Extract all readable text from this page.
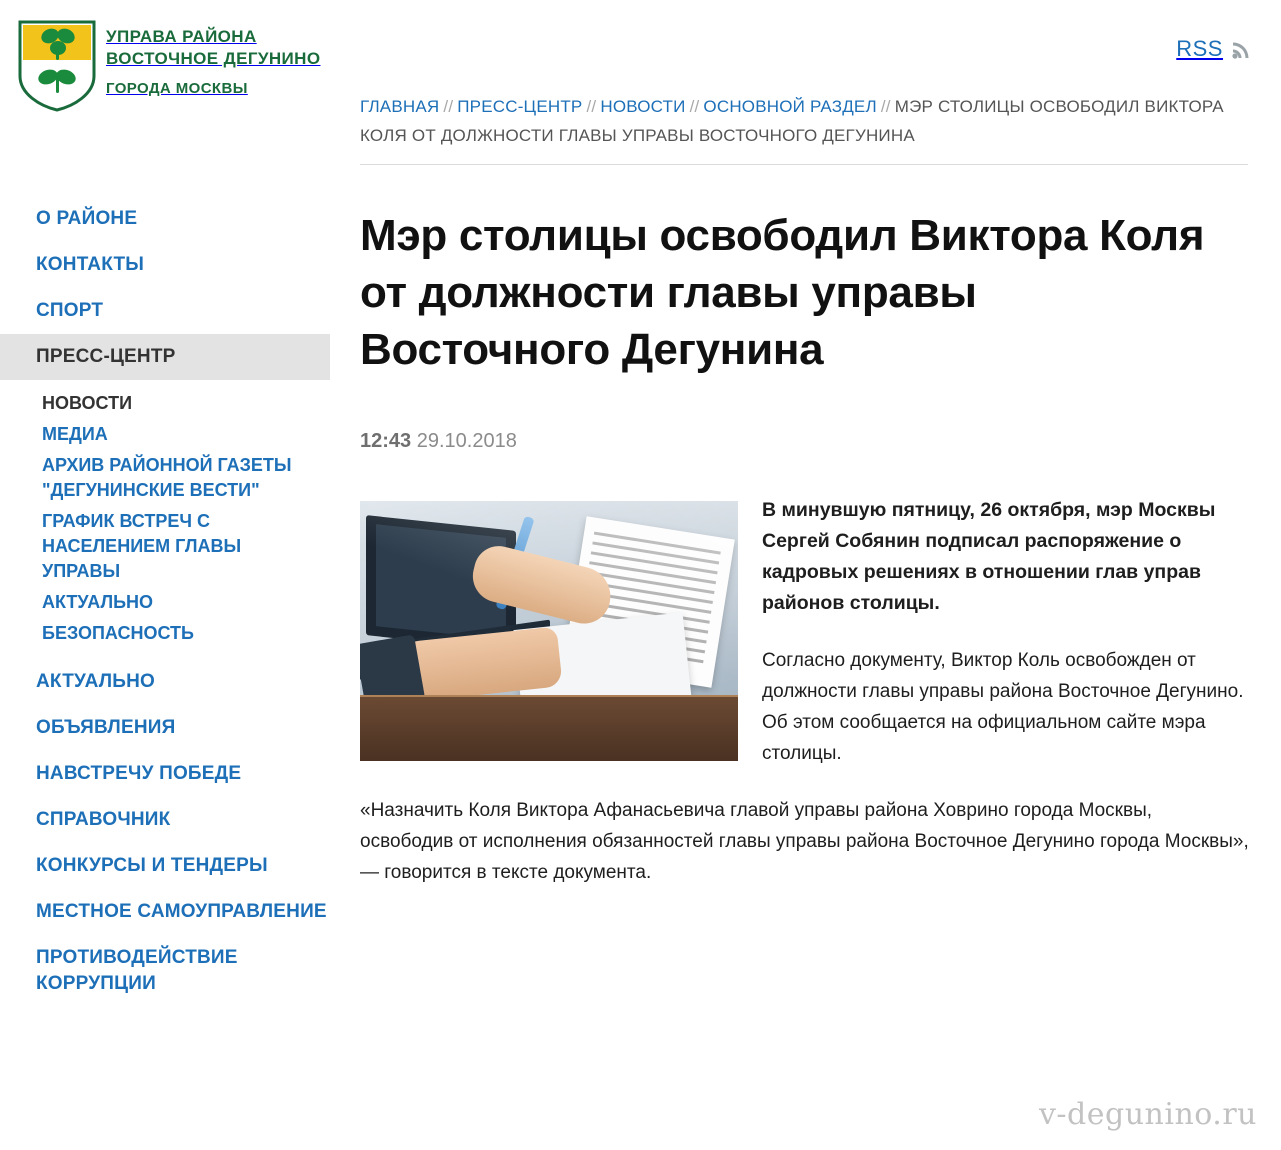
УПРАВА РАЙОНА
ВОСТОЧНОЕ ДЕГУНИНО
ГОРОДА МОСКВЫ
RSS
О РАЙОНЕ
КОНТАКТЫ
СПОРТ
ПРЕСС-ЦЕНТР
НОВОСТИ
МЕДИА
АРХИВ РАЙОННОЙ ГАЗЕТЫ "ДЕГУНИНСКИЕ ВЕСТИ"
ГРАФИК ВСТРЕЧ С НАСЕЛЕНИЕМ ГЛАВЫ УПРАВЫ
АКТУАЛЬНО
БЕЗОПАСНОСТЬ
АКТУАЛЬНО
ОБЪЯВЛЕНИЯ
НАВСТРЕЧУ ПОБЕДЕ
СПРАВОЧНИК
КОНКУРСЫ И ТЕНДЕРЫ
МЕСТНОЕ САМОУПРАВЛЕНИЕ
ПРОТИВОДЕЙСТВИЕ КОРРУПЦИИ
ГЛАВНАЯ // ПРЕСС-ЦЕНТР // НОВОСТИ // ОСНОВНОЙ РАЗДЕЛ // МЭР СТОЛИЦЫ ОСВОБОДИЛ ВИКТОРА КОЛЯ ОТ ДОЛЖНОСТИ ГЛАВЫ УПРАВЫ ВОСТОЧНОГО ДЕГУНИНА
Мэр столицы освободил Виктора Коля от должности главы управы Восточного Дегунина
12:43 29.10.2018

В минувшую пятницу, 26 октября, мэр Москвы Сергей Собянин подписал распоряжение о кадровых решениях в отношении глав управ районов столицы.

Согласно документу, Виктор Коль освобожден от должности главы управы района Восточное Дегунино. Об этом сообщается на официальном сайте мэра столицы.

«Назначить Коля Виктора Афанасьевича главой управы района Ховрино города Москвы, освободив от исполнения обязанностей главы управы района Восточное Дегунино города Москвы», — говорится в тексте документа.

v-degunino.ru
